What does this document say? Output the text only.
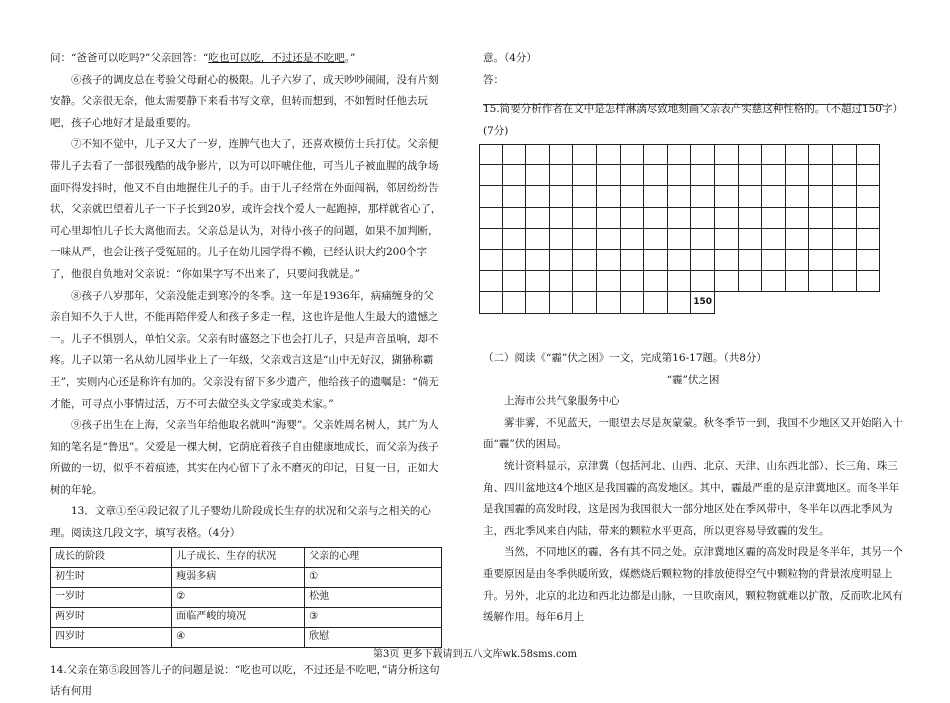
问：“爸爸可以吃吗?”父亲回答：“吃也可以吃，不过还是不吃吧。”

⑥孩子的调皮总在考验父母耐心的极限。儿子六岁了，成天吵吵闹闹，没有片刻安静。父亲很无奈，他太需要静下来看书写文章，但转而想到，不如暂时任他去玩吧，孩子心地好才是最重要的。

⑦不知不觉中，儿子又大了一岁，连脾气也大了，还喜欢模仿士兵打仗。父亲便带儿子去看了一部很残酷的战争影片，以为可以吓唬住他，可当儿子被血腥的战争场面吓得发抖时，他又不自由地握住儿子的手。由于儿子经常在外面闯祸，邻居纷纷告状，父亲就巴望着儿子一下子长到20岁，或许会找个爱人一起跑掉，那样就省心了，可心里却怕儿子长大离他而去。父亲总是认为，对待小孩子的问题，如果不加判断，一味从严，也会让孩子受冤屈的。儿子在幼儿园学得不赖，已经认识大约200个字了，他很自负地对父亲说：“你如果字写不出来了，只要问我就是。”

⑧孩子八岁那年，父亲没能走到寒冷的冬季。这一年是1936年，病痛缠身的父亲自知不久于人世，不能再陪伴爱人和孩子多走一程，这也许是他人生最大的遗憾之一。儿子不惧别人，单怕父亲。父亲有时盛怒之下也会打儿子，只是声音虽响，却不疼。儿子以第一名从幼儿园毕业上了一年级，父亲戏言这是“山中无好汉，猢狲称霸王”，实则内心还是称许有加的。父亲没有留下多少遗产，他给孩子的遗嘱是：“倘无才能，可寻点小事情过活，万不可去做空头文学家或美术家。”

⑨孩子出生在上海，父亲当年给他取名就叫“海婴”。父亲姓周名树人，其广为人知的笔名是“鲁迅”。父爱是一棵大树，它荫庇着孩子自由健康地成长，而父亲为孩子所做的一切，似乎不着痕迹，其实在内心留下了永不磨灭的印记，日复一日，正如大树的年轮。

13．文章①至④段记叙了儿子婴幼儿阶段成长生存的状况和父亲与之相关的心理。阅读这几段文字，填写表格。（4分）

成长的阶段	儿子成长、生存的状况	父亲的心理
初生时	瘦弱多病	①
一岁时	②	松弛
两岁时	面临严峻的境况	③
四岁时	④	欣慰

14.父亲在第⑤段回答儿子的问题是说：“吃也可以吃，不过还是不吃吧，”请分析这句话有何用

意。（4分）

答：

15.简要分析作者在文中是怎样淋漓尽致地刻画父亲表产实慈这种性格的。（不超过150字）(7分)

150

（二）阅读《“霾”伏之困》一文，完成第16-17题。（共8分）

“霾”伏之困

上海市公共气象服务中心

雾非雾，不见蓝天，一眼望去尽是灰蒙蒙。秋冬季节一到，我国不少地区又开始陷入十面“霾”伏的困局。

统计资料显示，京津冀（包括河北、山西、北京、天津、山东西北部）、长三角、珠三角、四川盆地这4个地区是我国霾的高发地区。其中，霾最严重的是京津冀地区。而冬半年是我国霾的高发时段，这是因为我国很大一部分地区处在季风带中，冬半年以西北季风为主，西北季风来自内陆，带来的颗粒水平更高，所以更容易导致霾的发生。

当然，不同地区的霾，各有其不同之处。京津冀地区霾的高发时段是冬半年，其另一个重要原因是由冬季供暖所致，煤燃烧后颗粒物的排放使得空气中颗粒物的背景浓度明显上升。另外，北京的北边和西北边都是山脉，一旦吹南风，颗粒物就难以扩散，反而吹北风有缓解作用。每年6月上

第3页 更多下载请到五八文库wk.58sms.com
